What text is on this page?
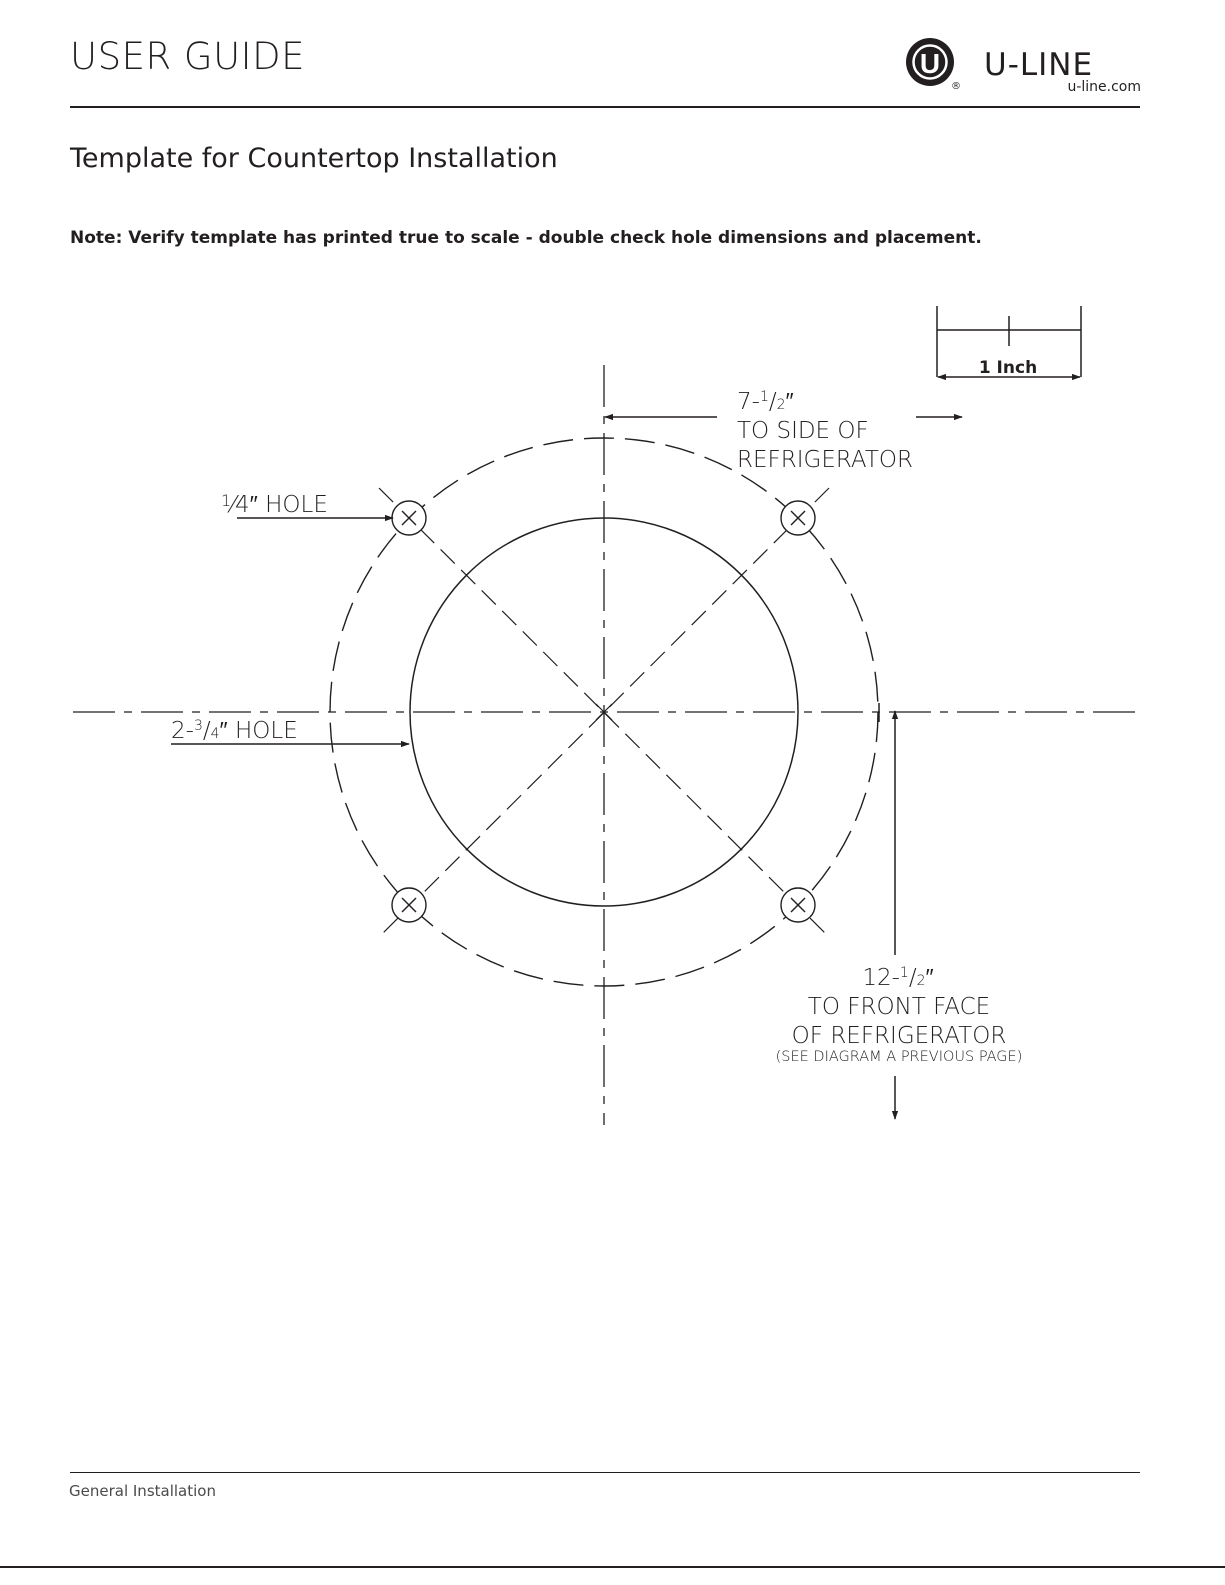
USER GUIDE	U
®
U-LINE
u-line.com
Template for Countertop Installation

Note: Verify template has printed true to scale - double check hole dimensions and placement.

1 Inch
7-$^1$/2″
TO SIDE OF
REFRIGERATOR
$^1$⁄4″ HOLE
2-$^3$/4″ HOLE
12-$^1$/2″
TO FRONT FACE
OF REFRIGERATOR
(SEE DIAGRAM A PREVIOUS PAGE)
General Installation
